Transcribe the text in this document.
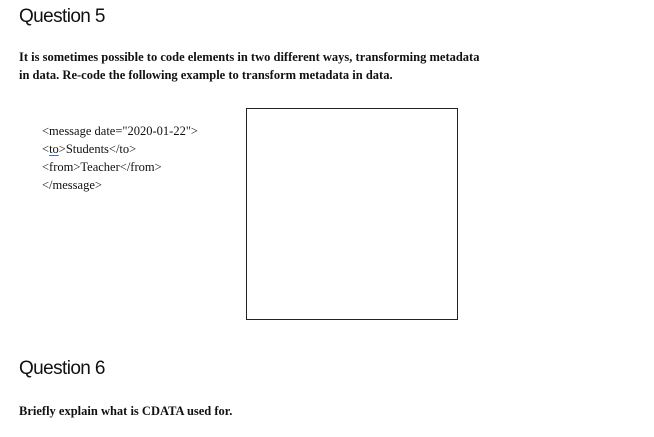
Question 5

It is sometimes possible to code elements in two different ways, transforming metadata in data. Re-code the following example to transform metadata in data.

<message date="2020-01-22">
<to>Students</to>
<from>Teacher</from>
</message>
Question 6

Briefly explain what is CDATA used for.
